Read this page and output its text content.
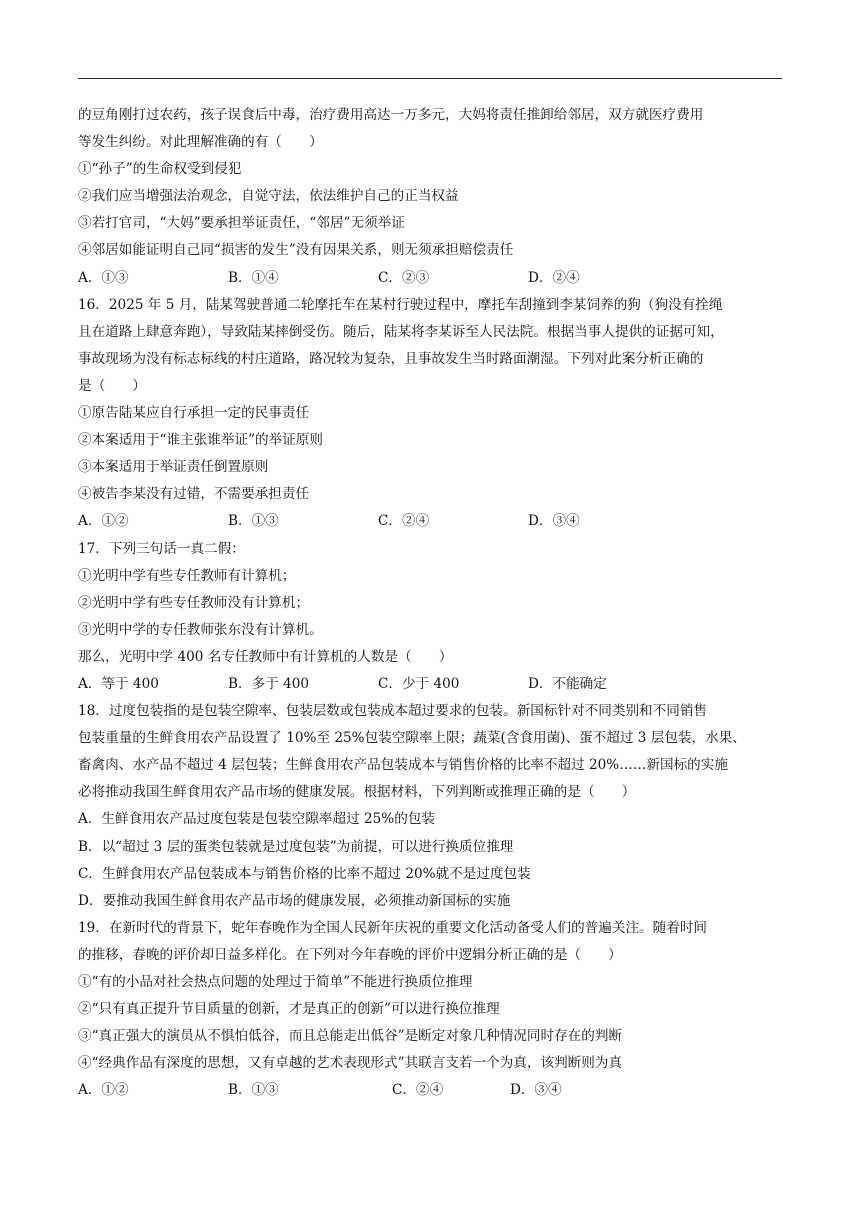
的豆角刚打过农药，孩子误食后中毒，治疗费用高达一万多元，大妈将责任推卸给邻居，双方就医疗费用
等发生纠纷。对此理解准确的有（　　）
①“孙子”的生命权受到侵犯
②我们应当增强法治观念，自觉守法，依法维护自己的正当权益
③若打官司，“大妈”要承担举证责任，“邻居”无须举证
④邻居如能证明自己同“损害的发生”没有因果关系，则无须承担赔偿责任
A．①③	B．①④	C．②③	D．②④
16．2025 年 5 月，陆某驾驶普通二轮摩托车在某村行驶过程中，摩托车刮撞到李某饲养的狗（狗没有拴绳
且在道路上肆意奔跑），导致陆某摔倒受伤。随后，陆某将李某诉至人民法院。根据当事人提供的证据可知，
事故现场为没有标志标线的村庄道路，路况较为复杂，且事故发生当时路面潮湿。下列对此案分析正确的
是（　　）
①原告陆某应自行承担一定的民事责任
②本案适用于“谁主张谁举证”的举证原则
③本案适用于举证责任倒置原则
④被告李某没有过错，不需要承担责任
A．①②	B．①③	C．②④	D．③④
17．下列三句话一真二假：
①光明中学有些专任教师有计算机；
②光明中学有些专任教师没有计算机；
③光明中学的专任教师张东没有计算机。
那么，光明中学 400 名专任教师中有计算机的人数是（　　）
A．等于 400	B．多于 400	C．少于 400	D．不能确定
18．过度包装指的是包装空隙率、包装层数或包装成本超过要求的包装。新国标针对不同类别和不同销售
包装重量的生鲜食用农产品设置了 10%至 25%包装空隙率上限；蔬菜(含食用菌)、蛋不超过 3 层包装，水果、
畜禽肉、水产品不超过 4 层包装；生鲜食用农产品包装成本与销售价格的比率不超过 20%……新国标的实施
必将推动我国生鲜食用农产品市场的健康发展。根据材料，下列判断或推理正确的是（　　）
A．生鲜食用农产品过度包装是包装空隙率超过 25%的包装
B．以“超过 3 层的蛋类包装就是过度包装”为前提，可以进行换质位推理
C．生鲜食用农产品包装成本与销售价格的比率不超过 20%就不是过度包装
D．要推动我国生鲜食用农产品市场的健康发展，必须推动新国标的实施
19．在新时代的背景下，蛇年春晚作为全国人民新年庆祝的重要文化活动备受人们的普遍关注。随着时间
的推移，春晚的评价却日益多样化。在下列对今年春晚的评价中逻辑分析正确的是（　　）
①“有的小品对社会热点问题的处理过于简单”不能进行换质位推理
②“只有真正提升节目质量的创新，才是真正的创新”可以进行换位推理
③“真正强大的演员从不惧怕低谷，而且总能走出低谷”是断定对象几种情况同时存在的判断
④“经典作品有深度的思想，又有卓越的艺术表现形式”其联言支若一个为真，该判断则为真
A．①②	B．①③	C．②④	D．③④
